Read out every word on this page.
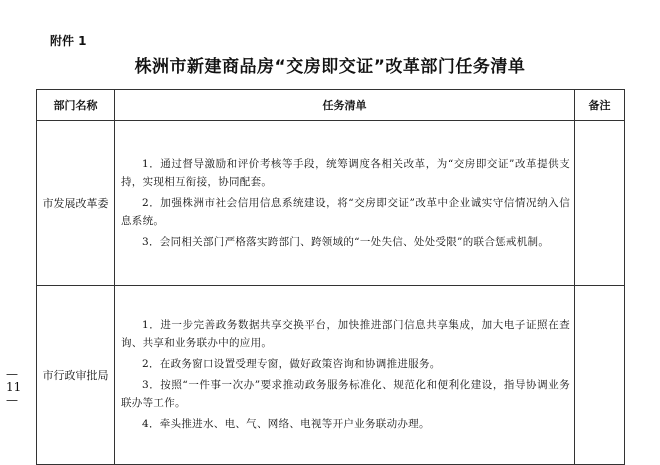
附件 1
株洲市新建商品房“交房即交证”改革部门任务清单
部门名称	任务清单	备注
市发展改革委	1．通过督导激励和评价考核等手段，统筹调度各相关改革，为“交房即交证”改革提供支持，实现相互衔接，协同配套。

2．加强株洲市社会信用信息系统建设，将“交房即交证”改革中企业诚实守信情况纳入信息系统。

3．会同相关部门严格落实跨部门、跨领域的“一处失信、处处受限”的联合惩戒机制。	

市行政审批局	1．进一步完善政务数据共享交换平台，加快推进部门信息共享集成，加大电子证照在查询、共享和业务联办中的应用。

2．在政务窗口设置受理专窗，做好政策咨询和协调推进服务。

3．按照“一件事一次办”要求推动政务服务标准化、规范化和便利化建设，指导协调业务联办等工作。

4．牵头推进水、电、气、网络、电视等开户业务联动办理。	

— 11 —
